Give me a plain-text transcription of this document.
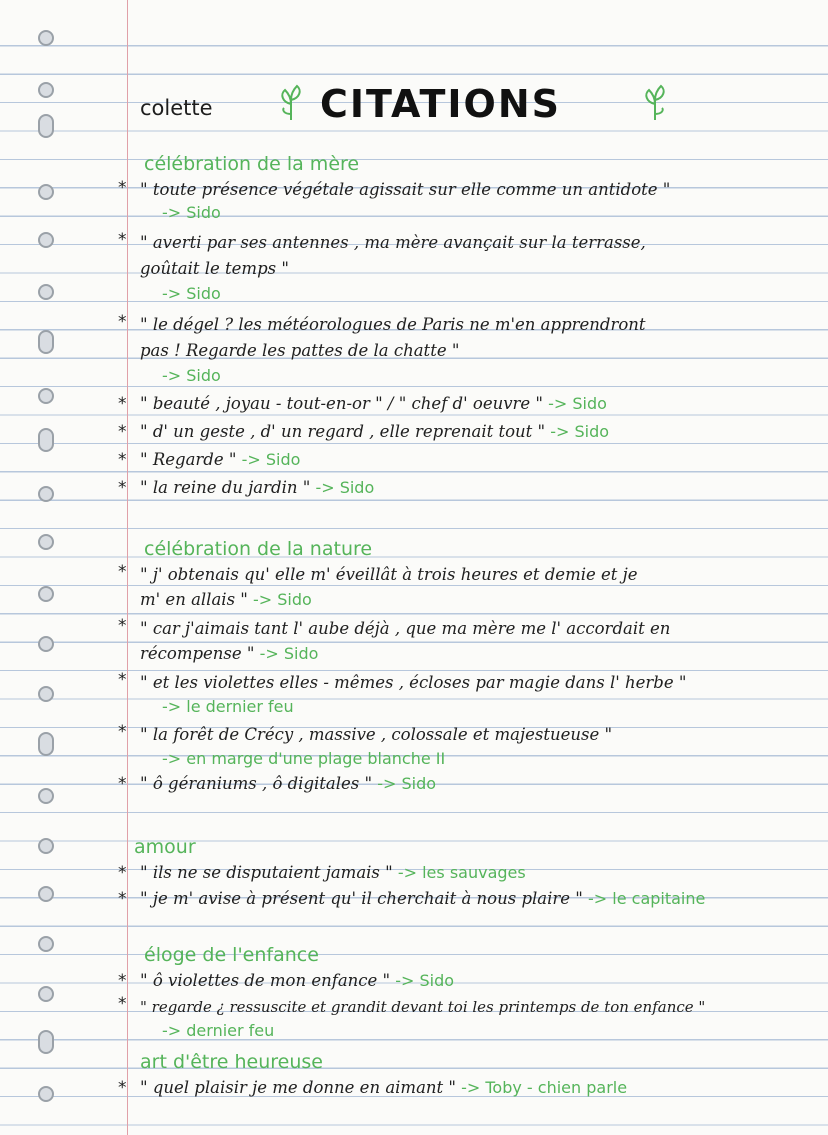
colette	CITATIONS
célébration de la mère
* " toute présence végétale agissait sur elle comme un antidote "
-> Sido
* " averti par ses antennes , ma mère avançait sur la terrasse,
goûtait le temps "
-> Sido
* " le dégel ? les météorologues de Paris ne m'en apprendront
pas ! Regarde les pattes de la chatte "
-> Sido
* " beauté , joyau - tout-en-or " / " chef d' oeuvre " -> Sido
* " d' un geste , d' un regard , elle reprenait tout " -> Sido
* " Regarde " -> Sido
* " la reine du jardin " -> Sido
célébration de la nature
* " j' obtenais qu' elle m' éveillât à trois heures et demie et je
m' en allais " -> Sido
* " car j'aimais tant l' aube déjà , que ma mère me l' accordait en
récompense " -> Sido
* " et les violettes elles - mêmes , écloses par magie dans l' herbe "
-> le dernier feu
* " la forêt de Crécy , massive , colossale et majestueuse "
-> en marge d'une plage blanche II
* " ô géraniums , ô digitales " -> Sido
amour
* " ils ne se disputaient jamais " -> les sauvages
* " je m' avise à présent qu' il cherchait à nous plaire " -> le capitaine
éloge de l'enfance
* " ô violettes de mon enfance " -> Sido
* " regarde ¿ ressuscite et grandit devant toi les printemps de ton enfance "
-> dernier feu
art d'être heureuse
* " quel plaisir je me donne en aimant " -> Toby - chien parle
